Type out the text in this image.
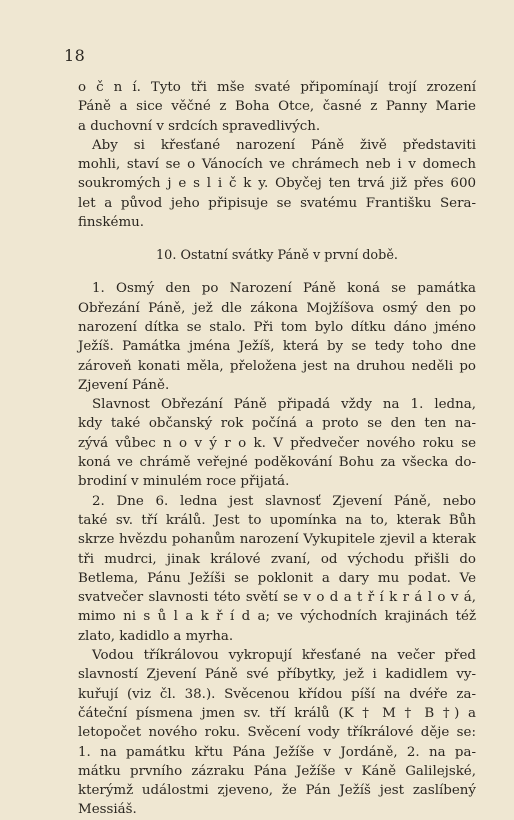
18
o č n í. Tyto tři mše svaté připomínají trojí zrození
Páně a sice věčné z Boha Otce, časné z Panny Marie
a duchovní v srdcích spravedlivých.
Aby si křesťané narození Páně živě představiti
mohli, staví se o Vánocích ve chrámech neb i v domech
soukromých j e s l i č k y. Obyčej ten trvá již přes 600
let a původ jeho připisuje se svatému Františku Sera-
finskému.
10. Ostatní svátky Páně v první době.
1. Osmý den po Narození Páně koná se památka
Obřezání Páně, jež dle zákona Mojžíšova osmý den po
narození dítka se stalo. Při tom bylo dítku dáno jméno
Ježíš. Památka jména Ježíš, která by se tedy toho dne
zároveň konati měla, přeložena jest na druhou neděli po
Zjevení Páně.
Slavnost Obřezání Páně připadá vždy na 1. ledna,
kdy také občanský rok počíná a proto se den ten na-
zývá vůbec n o v ý r o k. V předvečer nového roku se
koná ve chrámě veřejné poděkování Bohu za všecka do-
brodiní v minulém roce přijatá.
2. Dne 6. ledna jest slavnosť Zjevení Páně, nebo
také sv. tří králů. Jest to upomínka na to, kterak Bůh
skrze hvězdu pohanům narození Vykupitele zjevil a kterak
tři mudrci, jinak králové zvaní, od východu přišli do
Betlema, Pánu Ježíši se poklonit a dary mu podat. Ve
svatvečer slavnosti této světí se v o d a t ř í k r á l o v á,
mimo ni s ů l a k ř í d a; ve východních krajinách též
zlato, kadidlo a myrha.
Vodou tříkrálovou vykropují křesťané na večer před
slavností Zjevení Páně své příbytky, jež i kadidlem vy-
kuřují (viz čl. 38.). Svěcenou křídou píší na dvéře za-
čáteční písmena jmen sv. tří králů (K † M † B †) a
letopočet nového roku. Svěcení vody tříkrálové děje se:
1. na památku křtu Pána Ježíše v Jordáně, 2. na pa-
mátku prvního zázraku Pána Ježíše v Káně Galilejské,
kterýmž událostmi zjeveno, že Pán Ježíš jest zaslíbený
Messiáš.
